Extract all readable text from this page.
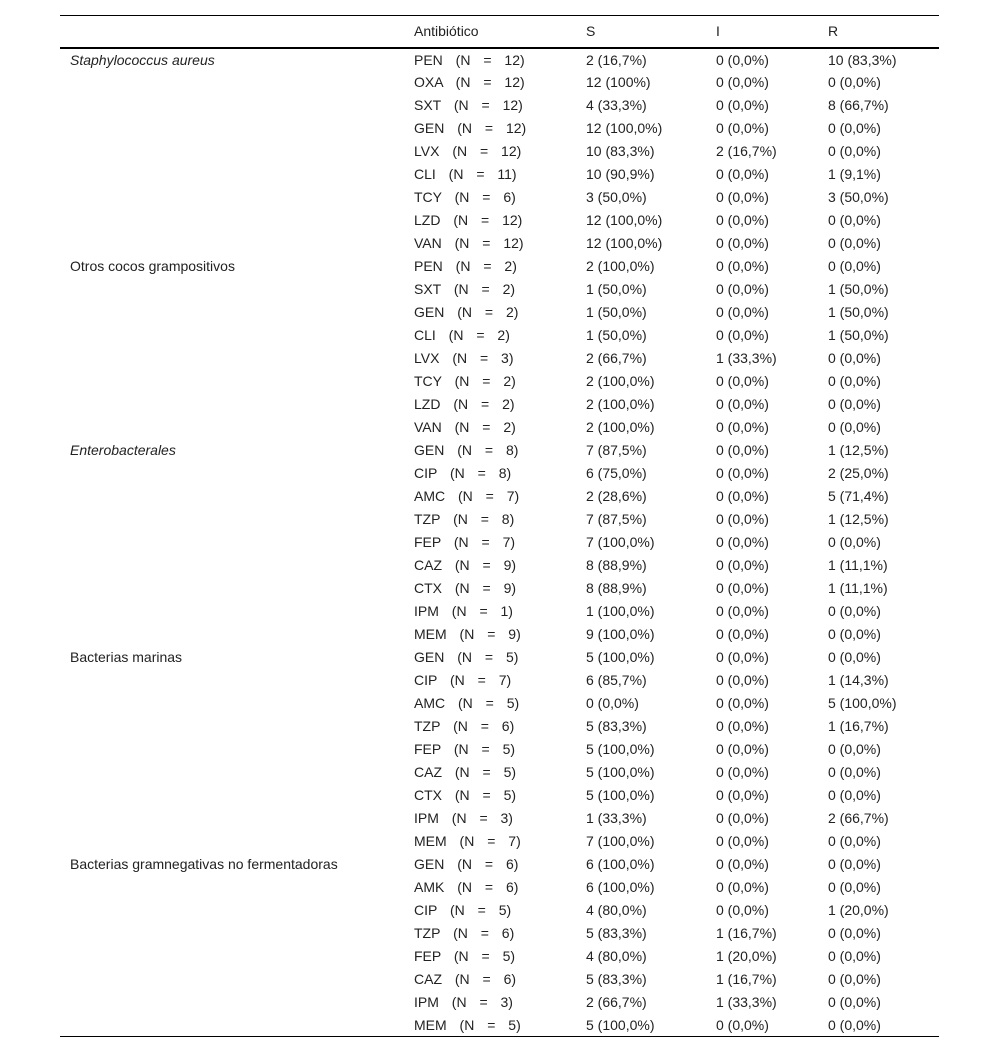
	Antibiótico	S	I	R
Staphylococcus aureus	PEN (N = 12)	2 (16,7%)	0 (0,0%)	10 (83,3%)
	OXA (N = 12)	12 (100%)	0 (0,0%)	0 (0,0%)
	SXT (N = 12)	4 (33,3%)	0 (0,0%)	8 (66,7%)
	GEN (N = 12)	12 (100,0%)	0 (0,0%)	0 (0,0%)
	LVX (N = 12)	10 (83,3%)	2 (16,7%)	0 (0,0%)
	CLI (N = 11)	10 (90,9%)	0 (0,0%)	1 (9,1%)
	TCY (N = 6)	3 (50,0%)	0 (0,0%)	3 (50,0%)
	LZD (N = 12)	12 (100,0%)	0 (0,0%)	0 (0,0%)
	VAN (N = 12)	12 (100,0%)	0 (0,0%)	0 (0,0%)
Otros cocos grampositivos	PEN (N = 2)	2 (100,0%)	0 (0,0%)	0 (0,0%)
	SXT (N = 2)	1 (50,0%)	0 (0,0%)	1 (50,0%)
	GEN (N = 2)	1 (50,0%)	0 (0,0%)	1 (50,0%)
	CLI (N = 2)	1 (50,0%)	0 (0,0%)	1 (50,0%)
	LVX (N = 3)	2 (66,7%)	1 (33,3%)	0 (0,0%)
	TCY (N = 2)	2 (100,0%)	0 (0,0%)	0 (0,0%)
	LZD (N = 2)	2 (100,0%)	0 (0,0%)	0 (0,0%)
	VAN (N = 2)	2 (100,0%)	0 (0,0%)	0 (0,0%)
Enterobacterales	GEN (N = 8)	7 (87,5%)	0 (0,0%)	1 (12,5%)
	CIP (N = 8)	6 (75,0%)	0 (0,0%)	2 (25,0%)
	AMC (N = 7)	2 (28,6%)	0 (0,0%)	5 (71,4%)
	TZP (N = 8)	7 (87,5%)	0 (0,0%)	1 (12,5%)
	FEP (N = 7)	7 (100,0%)	0 (0,0%)	0 (0,0%)
	CAZ (N = 9)	8 (88,9%)	0 (0,0%)	1 (11,1%)
	CTX (N = 9)	8 (88,9%)	0 (0,0%)	1 (11,1%)
	IPM (N = 1)	1 (100,0%)	0 (0,0%)	0 (0,0%)
	MEM (N = 9)	9 (100,0%)	0 (0,0%)	0 (0,0%)
Bacterias marinas	GEN (N = 5)	5 (100,0%)	0 (0,0%)	0 (0,0%)
	CIP (N = 7)	6 (85,7%)	0 (0,0%)	1 (14,3%)
	AMC (N = 5)	0 (0,0%)	0 (0,0%)	5 (100,0%)
	TZP (N = 6)	5 (83,3%)	0 (0,0%)	1 (16,7%)
	FEP (N = 5)	5 (100,0%)	0 (0,0%)	0 (0,0%)
	CAZ (N = 5)	5 (100,0%)	0 (0,0%)	0 (0,0%)
	CTX (N = 5)	5 (100,0%)	0 (0,0%)	0 (0,0%)
	IPM (N = 3)	1 (33,3%)	0 (0,0%)	2 (66,7%)
	MEM (N = 7)	7 (100,0%)	0 (0,0%)	0 (0,0%)
Bacterias gramnegativas no fermentadoras	GEN (N = 6)	6 (100,0%)	0 (0,0%)	0 (0,0%)
	AMK (N = 6)	6 (100,0%)	0 (0,0%)	0 (0,0%)
	CIP (N = 5)	4 (80,0%)	0 (0,0%)	1 (20,0%)
	TZP (N = 6)	5 (83,3%)	1 (16,7%)	0 (0,0%)
	FEP (N = 5)	4 (80,0%)	1 (20,0%)	0 (0,0%)
	CAZ (N = 6)	5 (83,3%)	1 (16,7%)	0 (0,0%)
	IPM (N = 3)	2 (66,7%)	1 (33,3%)	0 (0,0%)
	MEM (N = 5)	5 (100,0%)	0 (0,0%)	0 (0,0%)
